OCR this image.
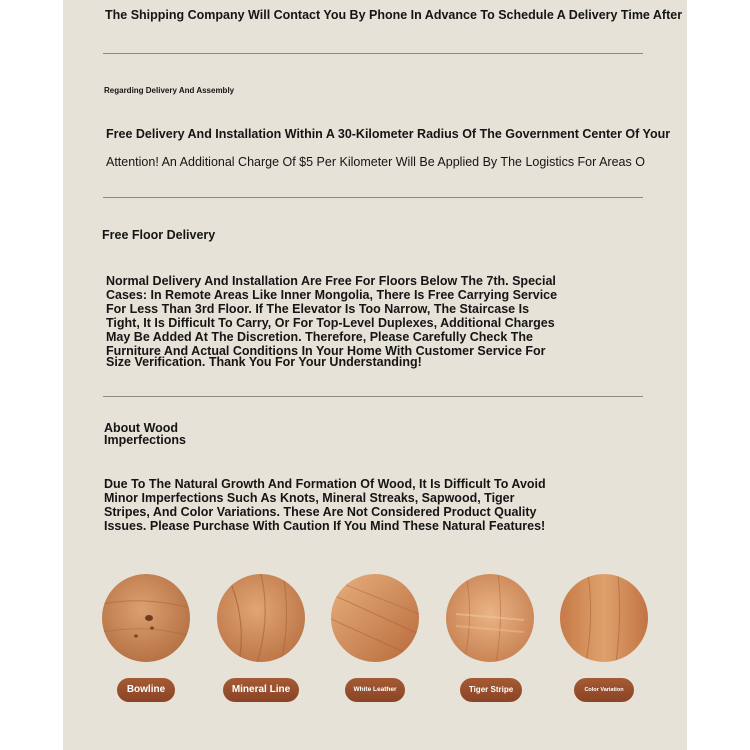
The Shipping Company Will Contact You By Phone In Advance To Schedule A Delivery Time After
Regarding Delivery And Assembly
Free Delivery And Installation Within A 30-Kilometer Radius Of The Government Center Of Your
Attention! An Additional Charge Of $5 Per Kilometer Will Be Applied By The Logistics For Areas O
Free Floor Delivery
Normal Delivery And Installation Are Free For Floors Below The 7th. Special
Cases: In Remote Areas Like Inner Mongolia, There Is Free Carrying Service
For Less Than 3rd Floor. If The Elevator Is Too Narrow, The Staircase Is
Tight, It Is Difficult To Carry, Or For Top-Level Duplexes, Additional Charges
May Be Added At The Discretion. Therefore, Please Carefully Check The
Furniture And Actual Conditions In Your Home With Customer Service For
Size Verification. Thank You For Your Understanding!
About Wood
Imperfections
Due To The Natural Growth And Formation Of Wood, It Is Difficult To Avoid
Minor Imperfections Such As Knots, Mineral Streaks, Sapwood, Tiger
Stripes, And Color Variations. These Are Not Considered Product Quality
Issues. Please Purchase With Caution If You Mind These Natural Features!
Bowline	Mineral Line	White Leather	Tiger Stripe	Color Variation
